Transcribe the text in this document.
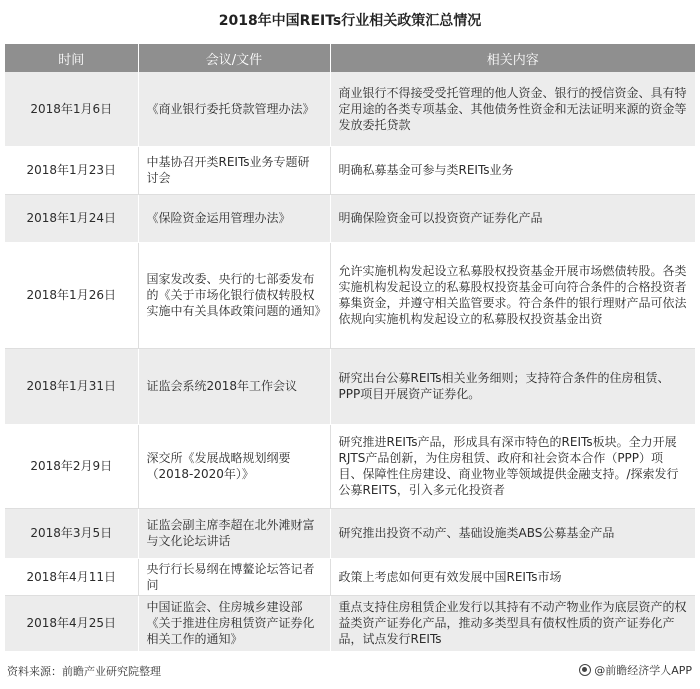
2018年中国REITs行业相关政策汇总情况
时间	会议/文件	相关内容
2018年1月6日	《商业银行委托贷款管理办法》	商业银行不得接受受托管理的他人资金、银行的授信资金、具有特定用途的各类专项基金、其他债务性资金和无法证明来源的资金等发放委托贷款
2018年1月23日	中基协召开类REITs业务专题研讨会	明确私募基金可参与类REITs业务
2018年1月24日	《保险资金运用管理办法》	明确保险资金可以投资资产证券化产品
2018年1月26日	国家发改委、央行的七部委发布的《关于市场化银行债权转股权实施中有关具体政策问题的通知》	允许实施机构发起设立私募股权投资基金开展市场燃债转股。各类实施机构发起设立的私募股权投资基金可向符合条件的合格投资者募集资金，并遵守相关监管要求。符合条件的银行理财产品可依法依规向实施机构发起设立的私募股权投资基金出资
2018年1月31日	证监会系统2018年工作会议	研究出台公募REITs相关业务细则；支持符合条件的住房租赁、PPP项目开展资产证券化。
2018年2月9日	深交所《发展战略规划纲要（2018-2020年）》	研究推进REITs产品，形成具有深市特色的REITs板块。全力开展RJTS产品创新，为住房租赁、政府和社会资本合作（PPP）项目、保障性住房建设、商业物业等领域提供金融支持。/探索发行公募REITS，引入多元化投资者
2018年3月5日	证监会副主席李超在北外滩财富与文化论坛讲话	研究推出投资不动产、基础设施类ABS公募基金产品
2018年4月11日	央行行长易纲在博鳌论坛答记者问	政策上考虑如何更有效发展中国REITs市场
2018年4月25日	中国证监会、住房城乡建设部《关于推进住房租赁资产证券化相关工作的通知》	重点支持住房租赁企业发行以其持有不动产物业作为底层资产的权益类资产证券化产品，推动多类型具有债权性质的资产证券化产品，试点发行REITs
资料来源：前瞻产业研究院整理	@前瞻经济学人APP
